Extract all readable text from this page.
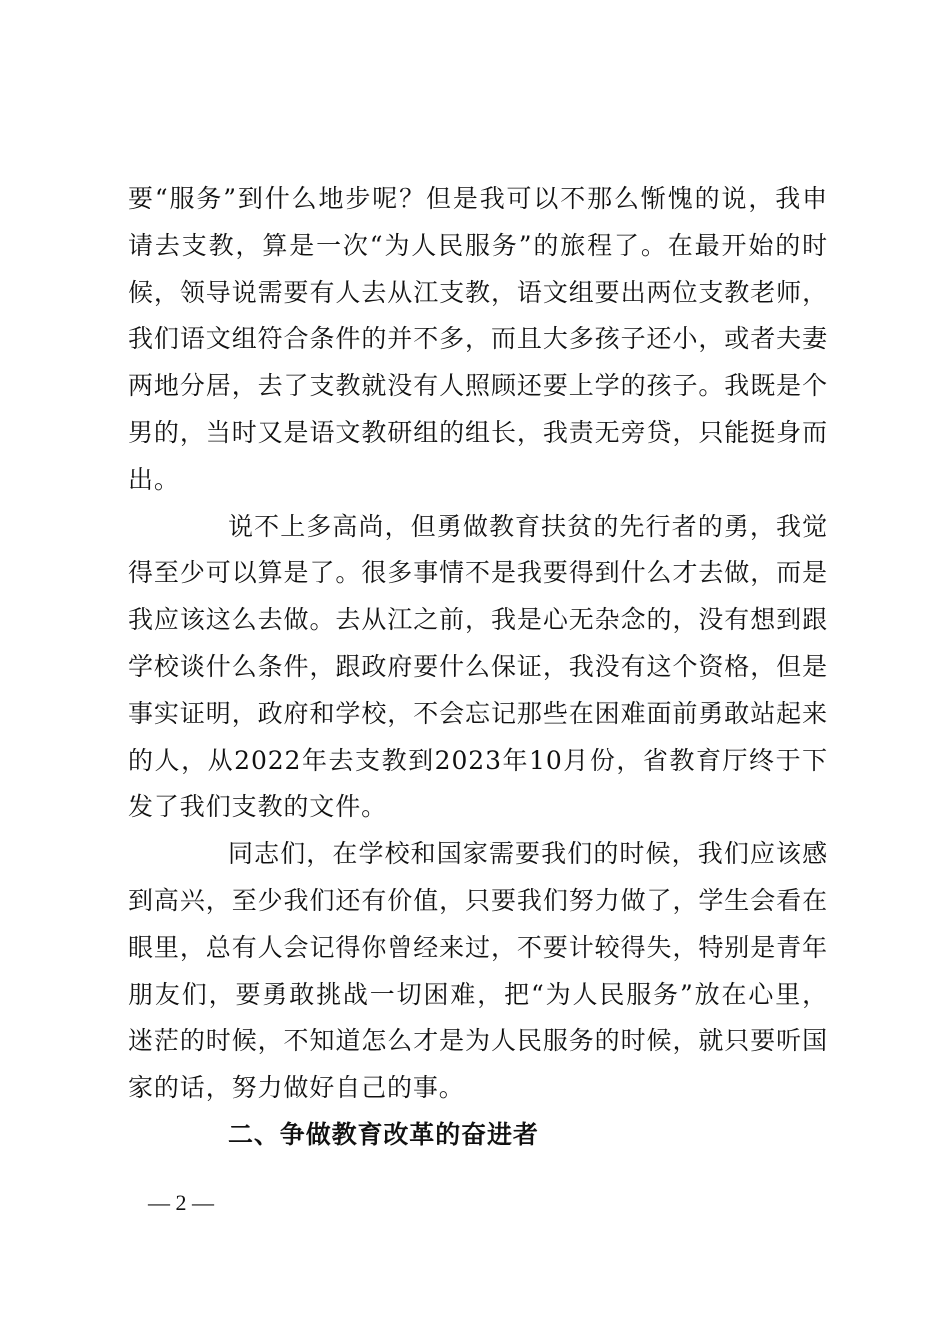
要“服务”到什么地步呢？但是我可以不那么惭愧的说，我申请去支教，算是一次“为人民服务”的旅程了。在最开始的时候，领导说需要有人去从江支教，语文组要出两位支教老师，我们语文组符合条件的并不多，而且大多孩子还小，或者夫妻两地分居，去了支教就没有人照顾还要上学的孩子。我既是个男的，当时又是语文教研组的组长，我责无旁贷，只能挺身而出。

说不上多高尚，但勇做教育扶贫的先行者的勇，我觉得至少可以算是了。很多事情不是我要得到什么才去做，而是我应该这么去做。去从江之前，我是心无杂念的，没有想到跟学校谈什么条件，跟政府要什么保证，我没有这个资格，但是事实证明，政府和学校，不会忘记那些在困难面前勇敢站起来的人，从2022年去支教到2023年10月份，省教育厅终于下发了我们支教的文件。

同志们，在学校和国家需要我们的时候，我们应该感到高兴，至少我们还有价值，只要我们努力做了，学生会看在眼里，总有人会记得你曾经来过，不要计较得失，特别是青年朋友们，要勇敢挑战一切困难，把“为人民服务”放在心里，迷茫的时候，不知道怎么才是为人民服务的时候，就只要听国家的话，努力做好自己的事。

二、争做教育改革的奋进者

— 2 —
